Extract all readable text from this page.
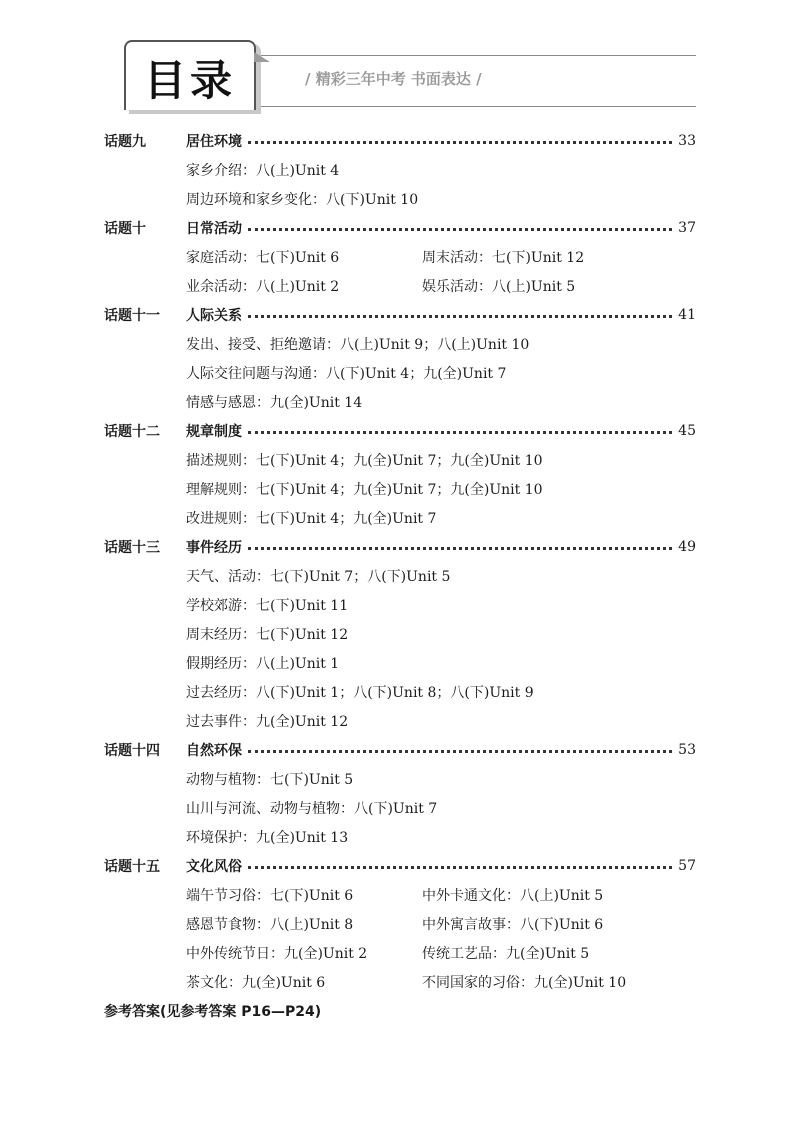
目录	/ 精彩三年中考 书面表达 /
话题九	居住环境	33
家乡介绍：八(上)Unit 4
周边环境和家乡变化：八(下)Unit 10
话题十	日常活动	37
家庭活动：七(下)Unit 6	周末活动：七(下)Unit 12
业余活动：八(上)Unit 2	娱乐活动：八(上)Unit 5
话题十一	人际关系	41
发出、接受、拒绝邀请：八(上)Unit 9；八(上)Unit 10
人际交往问题与沟通：八(下)Unit 4；九(全)Unit 7
情感与感恩：九(全)Unit 14
话题十二	规章制度	45
描述规则：七(下)Unit 4；九(全)Unit 7；九(全)Unit 10
理解规则：七(下)Unit 4；九(全)Unit 7；九(全)Unit 10
改进规则：七(下)Unit 4；九(全)Unit 7
话题十三	事件经历	49
天气、活动：七(下)Unit 7；八(下)Unit 5
学校郊游：七(下)Unit 11
周末经历：七(下)Unit 12
假期经历：八(上)Unit 1
过去经历：八(下)Unit 1；八(下)Unit 8；八(下)Unit 9
过去事件：九(全)Unit 12
话题十四	自然环保	53
动物与植物：七(下)Unit 5
山川与河流、动物与植物：八(下)Unit 7
环境保护：九(全)Unit 13
话题十五	文化风俗	57
端午节习俗：七(下)Unit 6	中外卡通文化：八(上)Unit 5
感恩节食物：八(上)Unit 8	中外寓言故事：八(下)Unit 6
中外传统节日：九(全)Unit 2	传统工艺品：九(全)Unit 5
茶文化：九(全)Unit 6	不同国家的习俗：九(全)Unit 10
参考答案(见参考答案 P16—P24)
